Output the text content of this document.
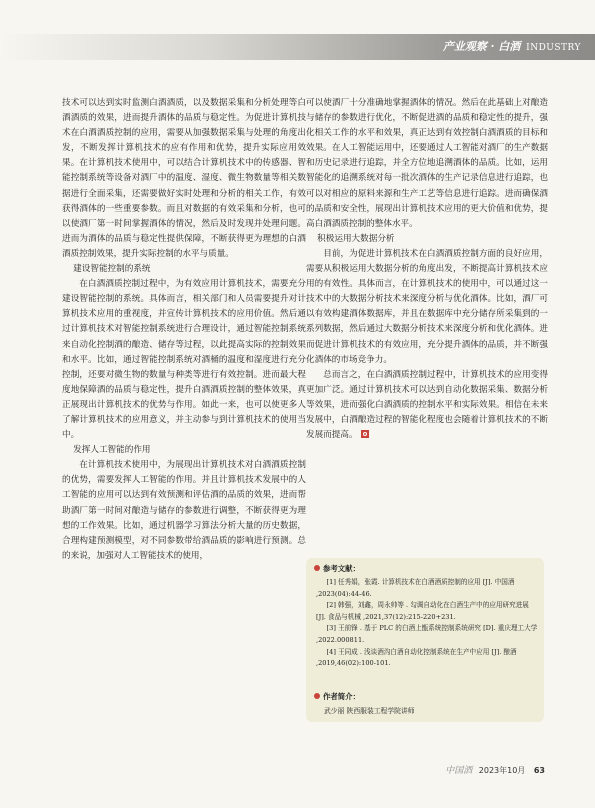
产业观察 · 白酒 INDUSTRY

技术可以达到实时监测白酒酒质，以及数据采集和分析处理等白酒酒质的效果，进而提升酒体的品质与稳定性。为促进计算机技术在白酒酒质控制的应用，需要从加强数据采集与处理的角度出发，不断发挥计算机技术的应有作用和优势，提升实际应用效果。在计算机技术使用中，可以结合计算机技术中的传感器、智能控制系统等设备对酒厂中的温度、湿度、微生物数量等相关数据进行全面采集，还需要做好实时处理和分析的相关工作，有效获得酒体的一些重要参数。而且对数据的有效采集和分析，也可以使酒厂第一时间掌握酒体的情况，然后及时发现并处理问题。进而为酒体的品质与稳定性提供保障，不断获得更为理想的白酒酒质控制效果，提升实际控制的水平与质量。

建设智能控制的系统

在白酒酒质控制过程中，为有效应用计算机技术，需要充分建设智能控制的系统。具体而言，相关部门和人员需要提升对计算机技术应用的重视度，并宣传计算机技术的应用价值。然后通过计算机技术对智能控制系统进行合理设计，通过智能控制系统来自动化控制酒的酿造、储存等过程，以此提高实际的控制效果和水平。比如，通过智能控制系统对酒桶的温度和湿度进行充分控制，还要对微生物的数量与种类等进行有效控制。进而最大程度地保障酒的品质与稳定性，提升白酒酒质控制的整体效果，真正展现出计算机技术的优势与作用。如此一来，也可以使更多人了解计算机技术的应用意义，并主动参与到计算机技术的使用当中。

发挥人工智能的作用

在计算机技术使用中，为展现出计算机技术对白酒酒质控制的优势，需要发挥人工智能的作用。并且计算机技术发展中的人工智能的应用可以达到有效预测和评估酒的品质的效果，进而帮助酒厂第一时间对酿造与储存的参数进行调整，不断获得更为理想的工作效果。比如，通过机器学习算法分析大量的历史数据，合理构建预测模型，对不同参数带给酒品质的影响进行预测。总的来说，加强对人工智能技术的使用，

可以使酒厂十分准确地掌握酒体的情况。然后在此基础上对酿造与储存的参数进行优化，不断促进酒的品质和稳定性的提升，强化相关工作的水平和效果，真正达到有效控制白酒酒质的目标和效果。在人工智能运用中，还要通过人工智能对酒厂的生产数据和历史记录进行追踪，并全方位地追溯酒体的品质。比如，运用智能化的追溯系统对每一批次酒体的生产记录信息进行追踪，也可以对相应的原料来源和生产工艺等信息进行追踪。进而确保酒的品质和安全性，展现出计算机技术应用的更大价值和优势，提高白酒酒质控制的整体水平。

积极运用大数据分析

目前，为促进计算机技术在白酒酒质控制方面的良好应用，需要从积极运用大数据分析的角度出发，不断提高计算机技术应用的有效性。具体而言，在计算机技术的使用中，可以通过这一技术中的大数据分析技术来深度分析与优化酒体。比如，酒厂可以有效构建酒体数据库，并且在数据库中充分储存所采集到的一系列数据，然后通过大数据分析技术来深度分析和优化酒体。进而促进计算机技术的有效应用，充分提升酒体的品质，并不断强化酒体的市场竞争力。

总而言之，在白酒酒质控制过程中，计算机技术的应用变得更加广泛。通过计算机技术可以达到自动化数据采集、数据分析等效果，进而强化白酒酒质的控制水平和实际效果。相信在未来发展中，白酒酿造过程的智能化程度也会随着计算机技术的不断发展而提高。

参考文献：

[1] 任秀娟，张霞. 计算机技术在白酒酒质控制的应用 [J]. 中国酒 ,2023(04):44-46.

[2] 韩强，刘鑫，周永帅等 . 勾调自动化在白酒生产中的应用研究进展 [J]. 食品与机械 ,2021,37(12):215-220+231.

[3] 王前锋 . 基于 PLC 的白酒上甑系统控制系统研究 [D]. 重庆理工大学 ,2022.000811.

[4] 王同成 . 浅谈酒沟白酒自动化控制系统在生产中应用 [J]. 酿酒 ,2019,46(02):100-101.

作者简介：
武少丽 陕西服装工程学院讲师
中国酒 2023年10月 63
